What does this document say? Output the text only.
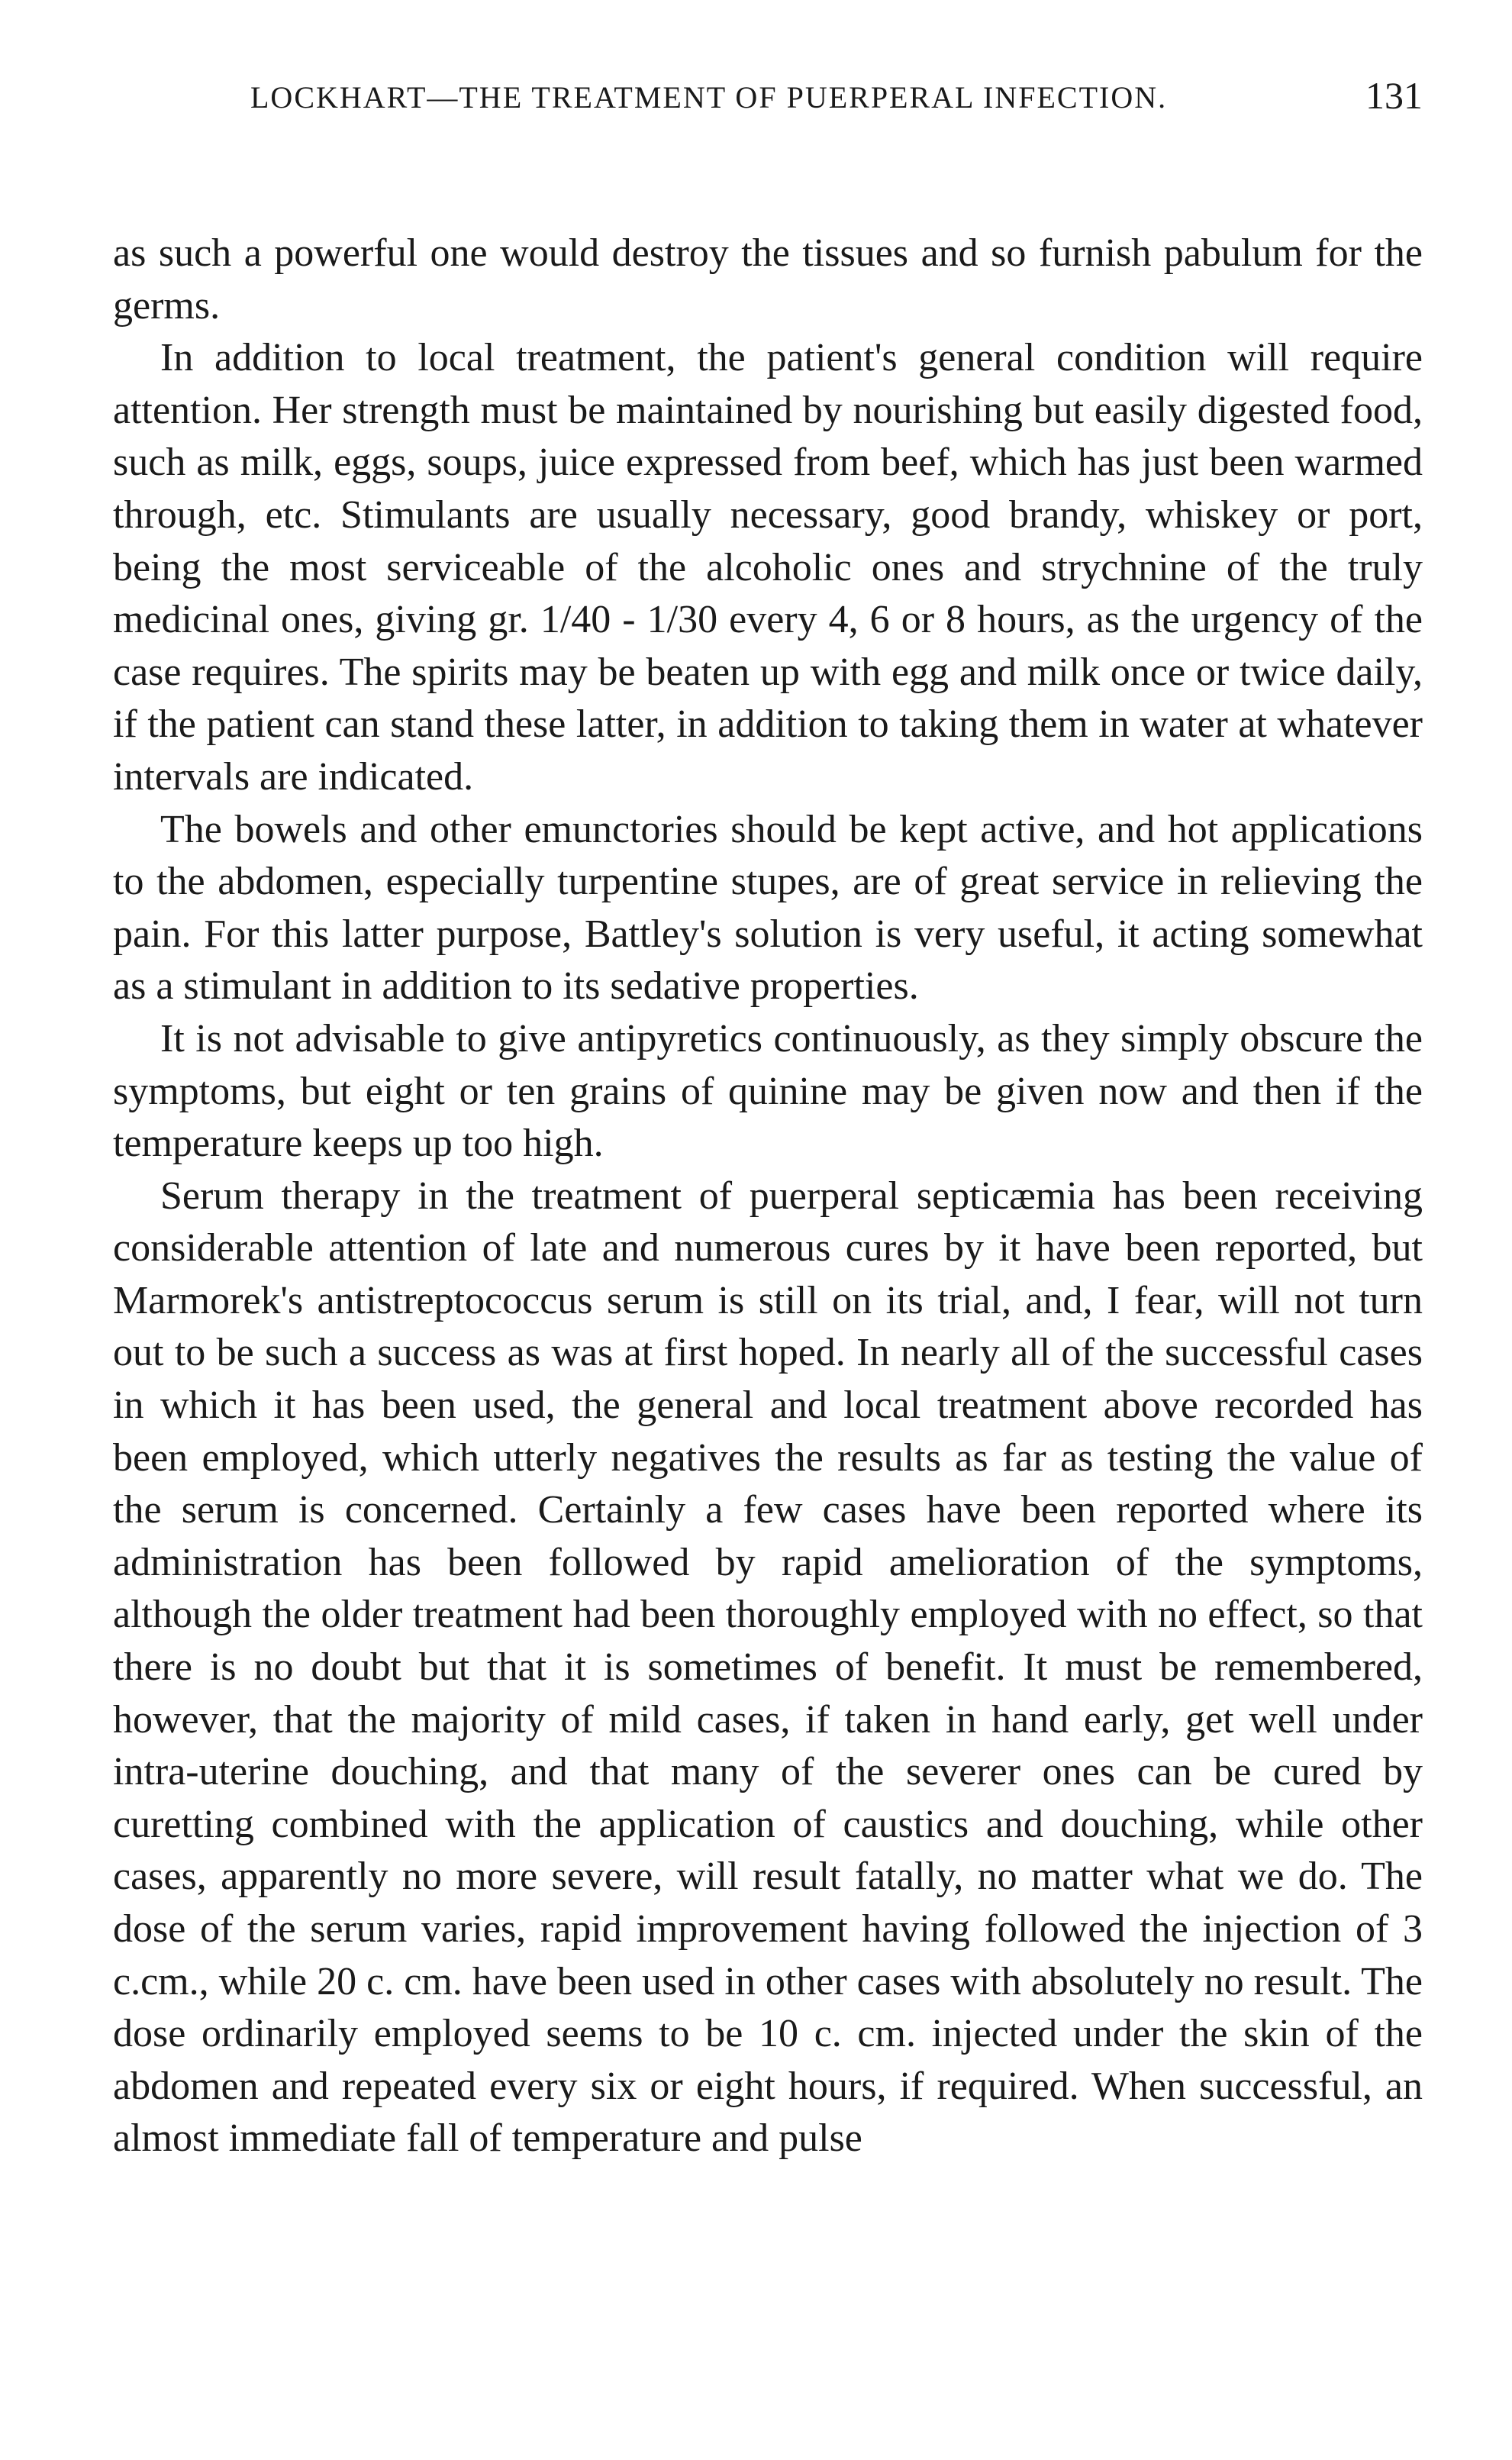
LOCKHART—THE TREATMENT OF PUERPERAL INFECTION.	131

as such a powerful one would destroy the tissues and so furnish pabulum for the germs.

In addition to local treatment, the patient's general condition will require attention. Her strength must be maintained by nourishing but easily digested food, such as milk, eggs, soups, juice expressed from beef, which has just been warmed through, etc. Stimulants are usually necessary, good brandy, whiskey or port, being the most serviceable of the alcoholic ones and strychnine of the truly medicinal ones, giving gr. 1/40 - 1/30 every 4, 6 or 8 hours, as the urgency of the case requires. The spirits may be beaten up with egg and milk once or twice daily, if the patient can stand these latter, in addition to taking them in water at whatever intervals are indicated.

The bowels and other emunctories should be kept active, and hot applications to the abdomen, especially turpentine stupes, are of great service in relieving the pain. For this latter purpose, Battley's solution is very useful, it acting somewhat as a stimulant in addition to its sedative properties.

It is not advisable to give antipyretics continuously, as they simply obscure the symptoms, but eight or ten grains of quinine may be given now and then if the temperature keeps up too high.

Serum therapy in the treatment of puerperal septicæmia has been receiving considerable attention of late and numerous cures by it have been reported, but Marmorek's antistreptococcus serum is still on its trial, and, I fear, will not turn out to be such a success as was at first hoped. In nearly all of the successful cases in which it has been used, the general and local treatment above recorded has been employed, which utterly negatives the results as far as testing the value of the serum is concerned. Certainly a few cases have been reported where its administration has been followed by rapid amelioration of the symptoms, although the older treatment had been thoroughly employed with no effect, so that there is no doubt but that it is sometimes of benefit. It must be remembered, however, that the majority of mild cases, if taken in hand early, get well under intra-uterine douching, and that many of the severer ones can be cured by curetting combined with the application of caustics and douching, while other cases, apparently no more severe, will result fatally, no matter what we do. The dose of the serum varies, rapid improvement having followed the injection of 3 c.cm., while 20 c. cm. have been used in other cases with absolutely no result. The dose ordinarily employed seems to be 10 c. cm. injected under the skin of the abdomen and repeated every six or eight hours, if required. When successful, an almost immediate fall of temperature and pulse
